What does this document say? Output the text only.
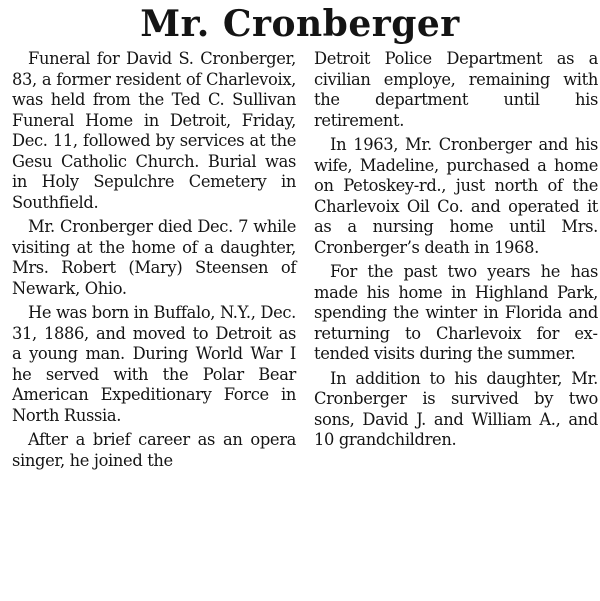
Mr. Cronberger

Funeral for David S. Cronberger, 83, a former resident of Charlevoix, was held from the Ted C. Sullivan Funeral Home in Detroit, Friday, Dec. 11, followed by services at the Gesu Catholic Church. Burial was in Holy Sepulchre Cemetery in Southfield.

Mr. Cronberger died Dec. 7 while visiting at the home of a daughter, Mrs. Robert (Mary) Steensen of Newark, Ohio.

He was born in Buffalo, N.Y., Dec. 31, 1886, and moved to Detroit as a young man. During World War I he served with the Polar Bear American Expeditionary Force in North Russia.

After a brief career as an opera singer, he joined the

Detroit Police Department as a civilian employe, remaining with the department until his retirement.

In 1963, Mr. Cronberger and his wife, Madeline, purchased a home on Petoskey-rd., just north of the Charlevoix Oil Co. and operated it as a nursing home until Mrs. Cronberger’s death in 1968.

For the past two years he has made his home in Highland Park, spending the winter in Florida and returning to Charlevoix for extended visits during the summer.

In addition to his daughter, Mr. Cronberger is survived by two sons, David J. and William A., and 10 grandchildren.
